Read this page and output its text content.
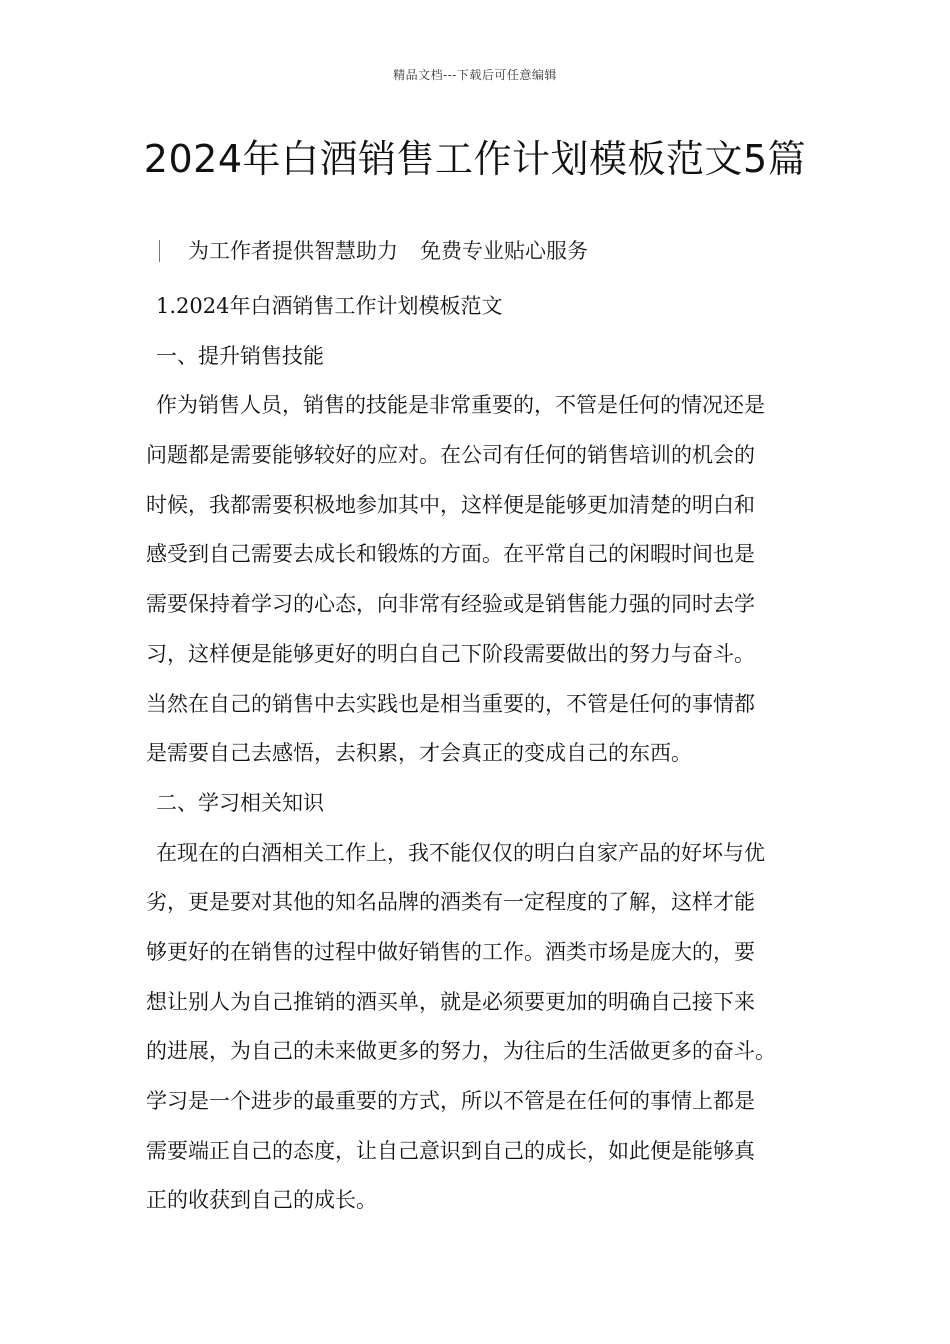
精品文档---下载后可任意编辑
2024年白酒销售工作计划模板范文5篇
为工作者提供智慧助力 免费专业贴心服务
1.2024年白酒销售工作计划模板范文
一、提升销售技能
作为销售人员，销售的技能是非常重要的，不管是任何的情况还是
问题都是需要能够较好的应对。在公司有任何的销售培训的机会的
时候，我都需要积极地参加其中，这样便是能够更加清楚的明白和
感受到自己需要去成长和锻炼的方面。在平常自己的闲暇时间也是
需要保持着学习的心态，向非常有经验或是销售能力强的同时去学
习，这样便是能够更好的明白自己下阶段需要做出的努力与奋斗。
当然在自己的销售中去实践也是相当重要的，不管是任何的事情都
是需要自己去感悟，去积累，才会真正的变成自己的东西。
二、学习相关知识
在现在的白酒相关工作上，我不能仅仅的明白自家产品的好坏与优
劣，更是要对其他的知名品牌的酒类有一定程度的了解，这样才能
够更好的在销售的过程中做好销售的工作。酒类市场是庞大的，要
想让别人为自己推销的酒买单，就是必须要更加的明确自己接下来
的进展，为自己的未来做更多的努力，为往后的生活做更多的奋斗。
学习是一个进步的最重要的方式，所以不管是在任何的事情上都是
需要端正自己的态度，让自己意识到自己的成长，如此便是能够真
正的收获到自己的成长。
